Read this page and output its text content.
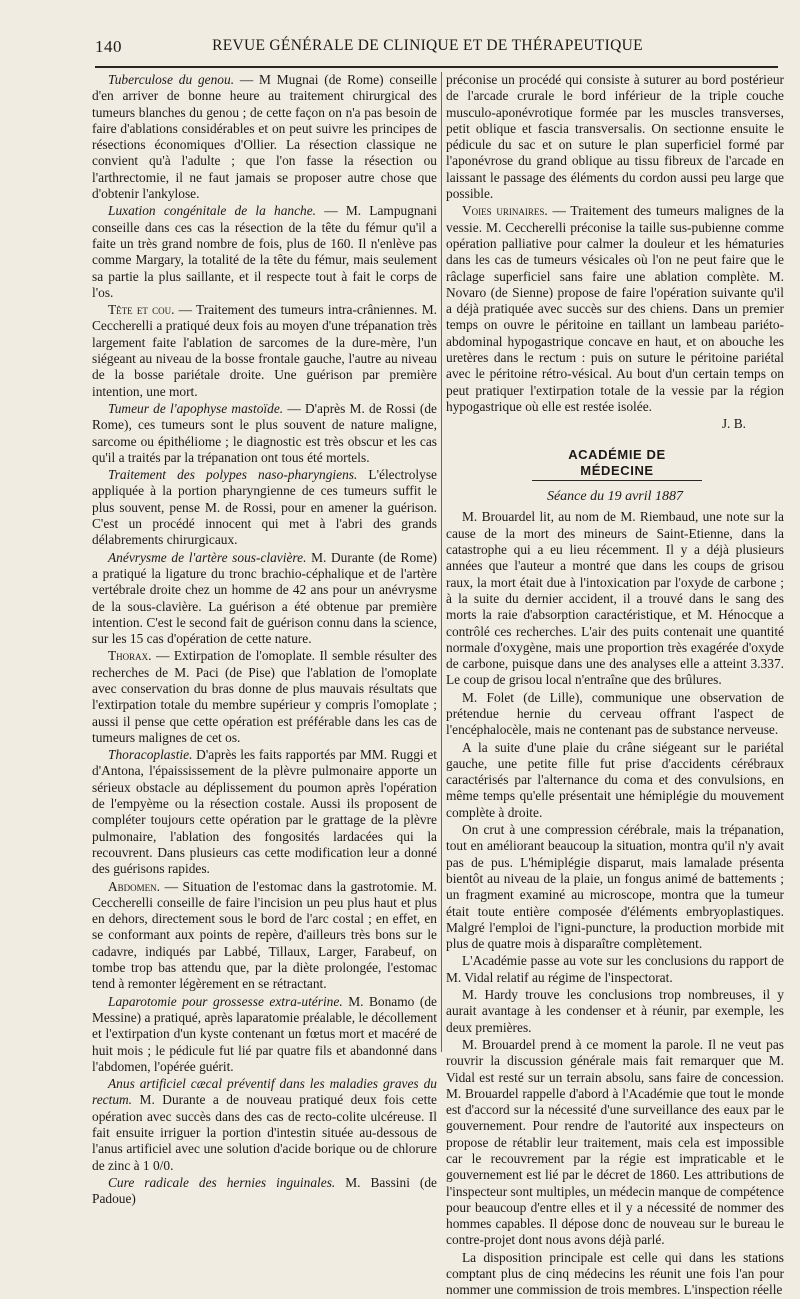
140	REVUE GÉNÉRALE DE CLINIQUE ET DE THÉRAPEUTIQUE

Tuberculose du genou. — M Mugnai (de Rome) conseille d'en arriver de bonne heure au traitement chirurgical des tumeurs blanches du genou ; de cette façon on n'a pas besoin de faire d'ablations considérables et on peut suivre les principes de résections économiques d'Ollier. La résection classique ne convient qu'à l'adulte ; que l'on fasse la résection ou l'arthrectomie, il ne faut jamais se proposer autre chose que d'obtenir l'ankylose.

Luxation congénitale de la hanche. — M. Lampugnani conseille dans ces cas la résection de la tête du fémur qu'il a faite un très grand nombre de fois, plus de 160. Il n'enlève pas comme Margary, la totalité de la tête du fémur, mais seulement sa partie la plus saillante, et il respecte tout à fait le corps de l'os.

Tête et cou. — Traitement des tumeurs intra-crâniennes. M. Ceccherelli a pratiqué deux fois au moyen d'une trépanation très largement faite l'ablation de sarcomes de la dure-mère, l'un siégeant au niveau de la bosse frontale gauche, l'autre au niveau de la bosse pariétale droite. Une guérison par première intention, une mort.

Tumeur de l'apophyse mastoïde. — D'après M. de Rossi (de Rome), ces tumeurs sont le plus souvent de nature maligne, sarcome ou épithéliome ; le diagnostic est très obscur et les cas qu'il a traités par la trépanation ont tous été mortels.

Traitement des polypes naso-pharyngiens. L'électrolyse appliquée à la portion pharyngienne de ces tumeurs suffit le plus souvent, pense M. de Rossi, pour en amener la guérison. C'est un procédé innocent qui met à l'abri des grands délabrements chirurgicaux.

Anévrysme de l'artère sous-clavière. M. Durante (de Rome) a pratiqué la ligature du tronc brachio-céphalique et de l'artère vertébrale droite chez un homme de 42 ans pour un anévrysme de la sous-clavière. La guérison a été obtenue par première intention. C'est le second fait de guérison connu dans la science, sur les 15 cas d'opération de cette nature.

Thorax. — Extirpation de l'omoplate. Il semble résulter des recherches de M. Paci (de Pise) que l'ablation de l'omoplate avec conservation du bras donne de plus mauvais résultats que l'extirpation totale du membre supérieur y compris l'omoplate ; aussi il pense que cette opération est préférable dans les cas de tumeurs malignes de cet os.

Thoracoplastie. D'après les faits rapportés par MM. Ruggi et d'Antona, l'épaississement de la plèvre pulmonaire apporte un sérieux obstacle au déplissement du poumon après l'opération de l'empyème ou la résection costale. Aussi ils proposent de compléter toujours cette opération par le grattage de la plèvre pulmonaire, l'ablation des fongosités lardacées qui la recouvrent. Dans plusieurs cas cette modification leur a donné des guérisons rapides.

Abdomen. — Situation de l'estomac dans la gastrotomie. M. Ceccherelli conseille de faire l'incision un peu plus haut et plus en dehors, directement sous le bord de l'arc costal ; en effet, en se conformant aux points de repère, d'ailleurs très bons sur le cadavre, indiqués par Labbé, Tillaux, Larger, Farabeuf, on tombe trop bas attendu que, par la diète prolongée, l'estomac tend à remonter légèrement en se rétractant.

Laparotomie pour grossesse extra-utérine. M. Bonamo (de Messine) a pratiqué, après laparatomie préalable, le décollement et l'extirpation d'un kyste contenant un fœtus mort et macéré de huit mois ; le pédicule fut lié par quatre fils et abandonné dans l'abdomen, l'opérée guérit.

Anus artificiel cæcal préventif dans les maladies graves du rectum. M. Durante a de nouveau pratiqué deux fois cette opération avec succès dans des cas de recto-colite ulcéreuse. Il fait ensuite irriguer la portion d'intestin située au-dessous de l'anus artificiel avec une solution d'acide borique ou de chlorure de zinc à 1 0/0.

Cure radicale des hernies inguinales. M. Bassini (de Padoue)

préconise un procédé qui consiste à suturer au bord postérieur de l'arcade crurale le bord inférieur de la triple couche musculo-aponévrotique formée par les muscles transverses, petit oblique et fascia transversalis. On sectionne ensuite le pédicule du sac et on suture le plan superficiel formé par l'aponévrose du grand oblique au tissu fibreux de l'arcade en laissant le passage des éléments du cordon aussi peu large que possible.

Voies urinaires. — Traitement des tumeurs malignes de la vessie. M. Ceccherelli préconise la taille sus-pubienne comme opération palliative pour calmer la douleur et les hématuries dans les cas de tumeurs vésicales où l'on ne peut faire que le râclage superficiel sans faire une ablation complète. M. Novaro (de Sienne) propose de faire l'opération suivante qu'il a déjà pratiquée avec succès sur des chiens. Dans un premier temps on ouvre le péritoine en taillant un lambeau pariéto-abdominal hypogastrique concave en haut, et on abouche les uretères dans le rectum : puis on suture le péritoine pariétal avec le péritoine rétro-vésical. Au bout d'un certain temps on peut pratiquer l'extirpation totale de la vessie par la région hypogastrique où elle est restée isolée.

J. B.

ACADÉMIE DE MÉDECINE
Séance du 19 avril 1887

M. Brouardel lit, au nom de M. Riembaud, une note sur la cause de la mort des mineurs de Saint-Etienne, dans la catastrophe qui a eu lieu récemment. Il y a déjà plusieurs années que l'auteur a montré que dans les coups de grisou raux, la mort était due à l'intoxication par l'oxyde de carbone ; à la suite du dernier accident, il a trouvé dans le sang des morts la raie d'absorption caractéristique, et M. Hénocque a contrôlé ces recherches. L'air des puits contenait une quantité normale d'oxygène, mais une proportion très exagérée d'oxyde de carbone, puisque dans une des analyses elle a atteint 3.337. Le coup de grisou local n'entraîne que des brûlures.

M. Folet (de Lille), communique une observation de prétendue hernie du cerveau offrant l'aspect de l'encéphalocèle, mais ne contenant pas de substance nerveuse.

A la suite d'une plaie du crâne siégeant sur le pariétal gauche, une petite fille fut prise d'accidents cérébraux caractérisés par l'alternance du coma et des convulsions, en même temps qu'elle présentait une hémiplégie du mouvement complète à droite.

On crut à une compression cérébrale, mais la trépanation, tout en améliorant beaucoup la situation, montra qu'il n'y avait pas de pus. L'hémiplégie disparut, mais lamalade présenta bientôt au niveau de la plaie, un fongus animé de battements ; un fragment examiné au microscope, montra que la tumeur était toute entière composée d'éléments embryoplastiques. Malgré l'emploi de l'igni-puncture, la production morbide mit plus de quatre mois à disparaître complètement.

L'Académie passe au vote sur les conclusions du rapport de M. Vidal relatif au régime de l'inspectorat.

M. Hardy trouve les conclusions trop nombreuses, il y aurait avantage à les condenser et à réunir, par exemple, les deux premières.

M. Brouardel prend à ce moment la parole. Il ne veut pas rouvrir la discussion générale mais fait remarquer que M. Vidal est resté sur un terrain absolu, sans faire de concession. M. Brouardel rappelle d'abord à l'Académie que tout le monde est d'accord sur la nécessité d'une surveillance des eaux par le gouvernement. Pour rendre de l'autorité aux inspecteurs on propose de rétablir leur traitement, mais cela est impossible car le recouvrement par la régie est impraticable et le gouvernement est lié par le décret de 1860. Les attributions de l'inspecteur sont multiples, un médecin manque de compétence pour beaucoup d'entre elles et il y a nécessité de nommer des hommes capables. Il dépose donc de nouveau sur le bureau le contre-projet dont nous avons déjà parlé.

La disposition principale est celle qui dans les stations comptant plus de cinq médecins les réunit une fois l'an pour nommer une commission de trois membres. L'inspection réelle
